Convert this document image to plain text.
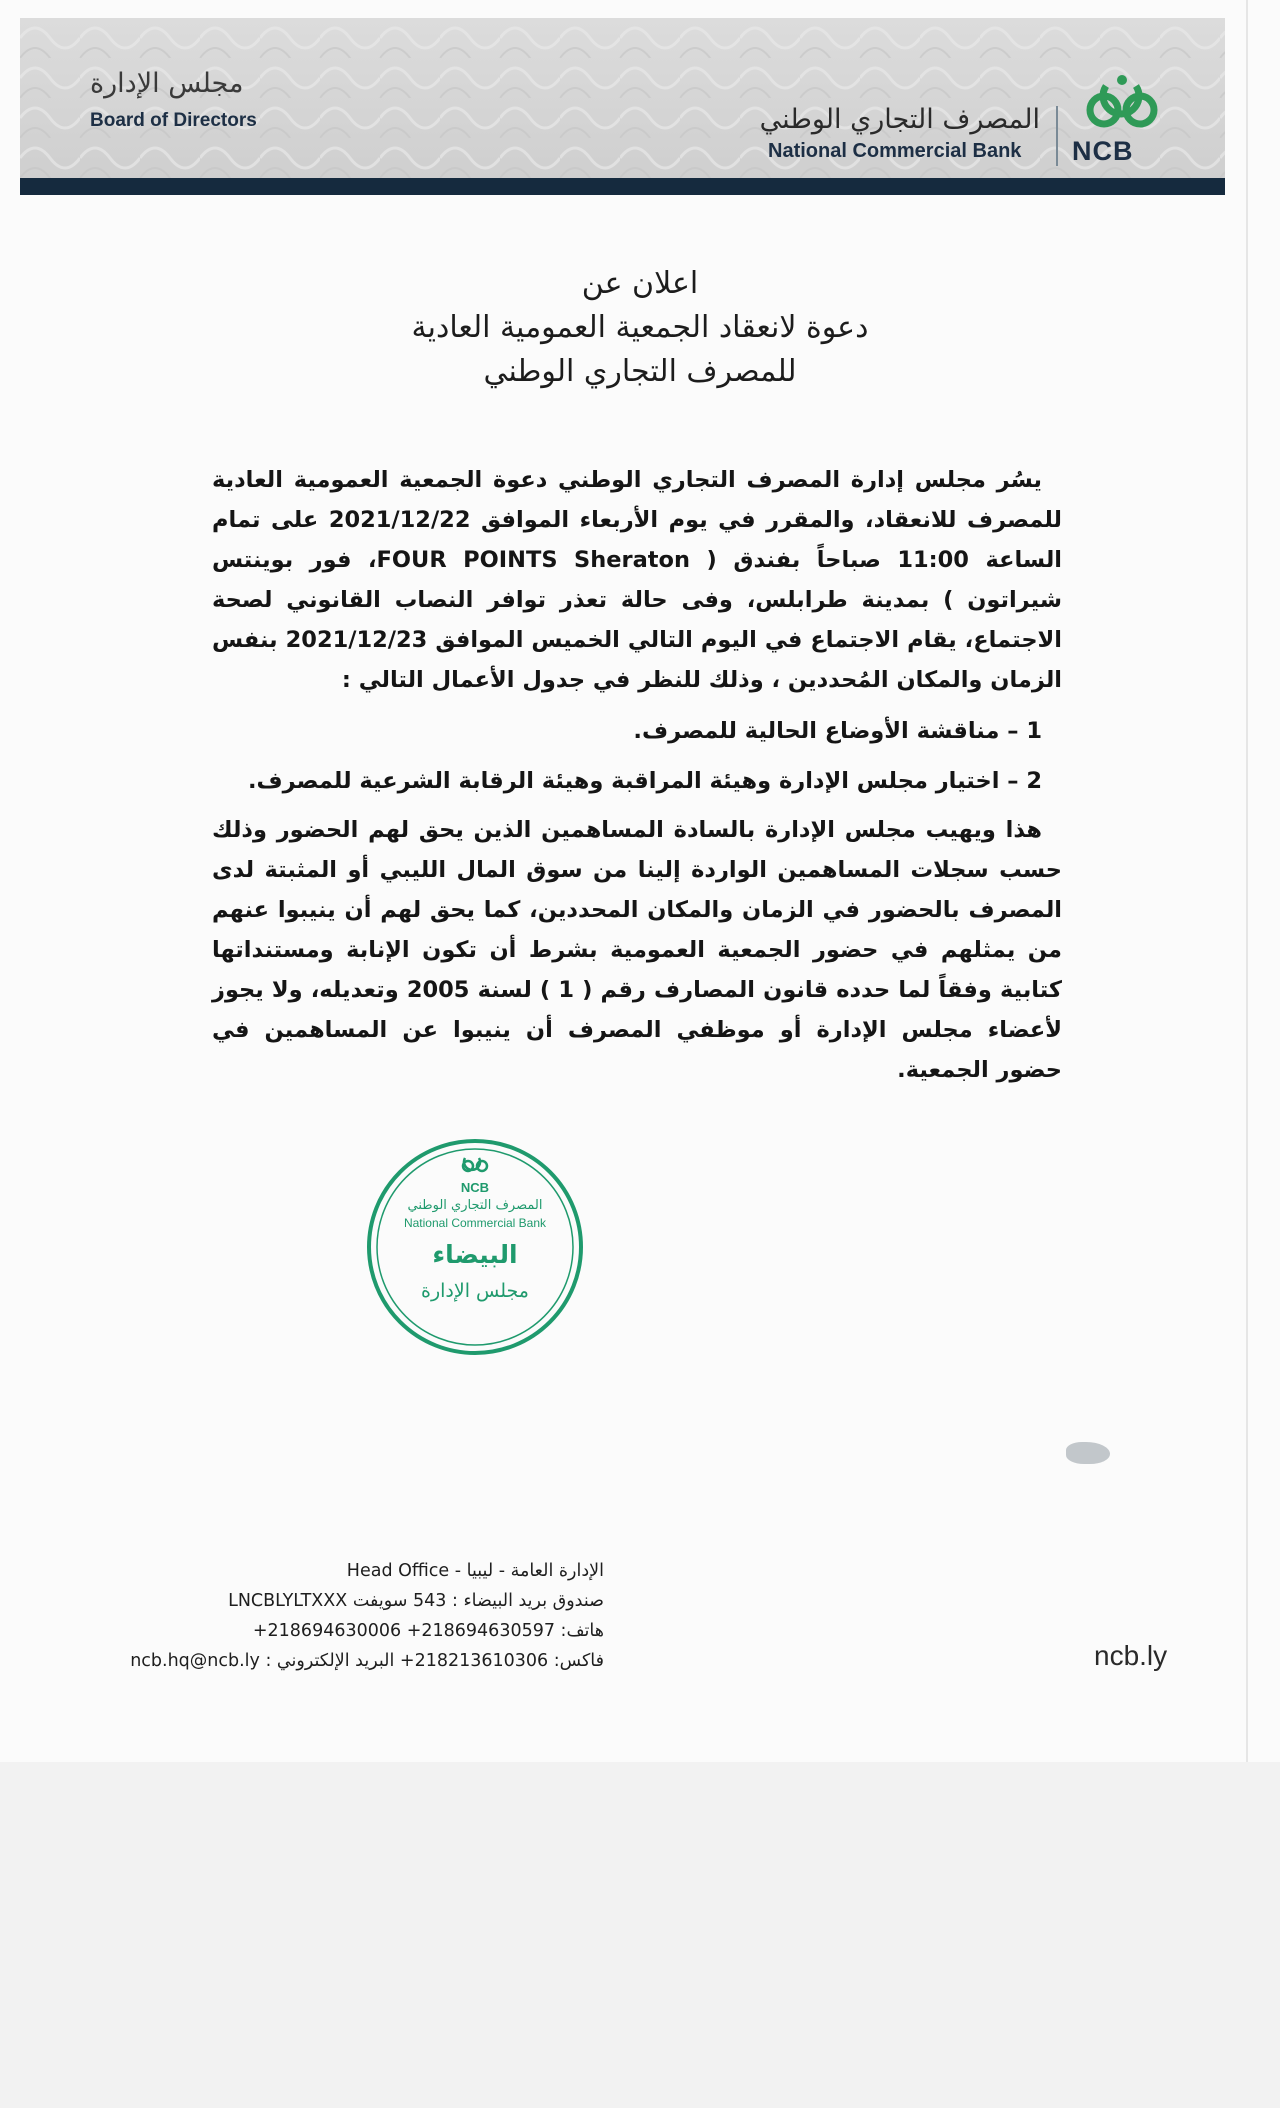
مجلس الإدارة
Board of Directors	المصرف التجاري الوطني
National Commercial Bank	NCB
اعلان عن
دعوة لانعقاد الجمعية العمومية العادية
للمصرف التجاري الوطني

يسُر مجلس إدارة المصرف التجاري الوطني دعوة الجمعية العمومية العادية للمصرف للانعقاد، والمقرر في يوم الأربعاء الموافق 2021/12/22 على تمام الساعة 11:00 صباحاً بفندق ( FOUR POINTS Sheraton، فور بوينتس شيراتون ) بمدينة طرابلس، وفى حالة تعذر توافر النصاب القانوني لصحة الاجتماع، يقام الاجتماع في اليوم التالي الخميس الموافق 2021/12/23 بنفس الزمان والمكان المُحددين ، وذلك للنظر في جدول الأعمال التالي :

1 – مناقشة الأوضاع الحالية للمصرف.
2 – اختيار مجلس الإدارة وهيئة المراقبة وهيئة الرقابة الشرعية للمصرف.

هذا ويهيب مجلس الإدارة بالسادة المساهمين الذين يحق لهم الحضور وذلك حسب سجلات المساهمين الواردة إلينا من سوق المال الليبي أو المثبتة لدى المصرف بالحضور في الزمان والمكان المحددين، كما يحق لهم أن ينيبوا عنهم من يمثلهم في حضور الجمعية العمومية بشرط أن تكون الإنابة ومستنداتها كتابية وفقاً لما حدده قانون المصارف رقم ( 1 ) لسنة 2005 وتعديله، ولا يجوز لأعضاء مجلس الإدارة أو موظفي المصرف أن ينيبوا عن المساهمين في حضور الجمعية.

NCB
المصرف التجاري الوطني
National Commercial Bank
البيضاء
مجلس الإدارة
الإدارة العامة - ليبيا - Head Office
صندوق بريد البيضاء : 543 سويفت LNCBLYLTXXX
هاتف: 218694630597+ 218694630006+
فاكس: 218213610306+ البريد الإلكتروني : ncb.hq@ncb.ly	ncb.ly
